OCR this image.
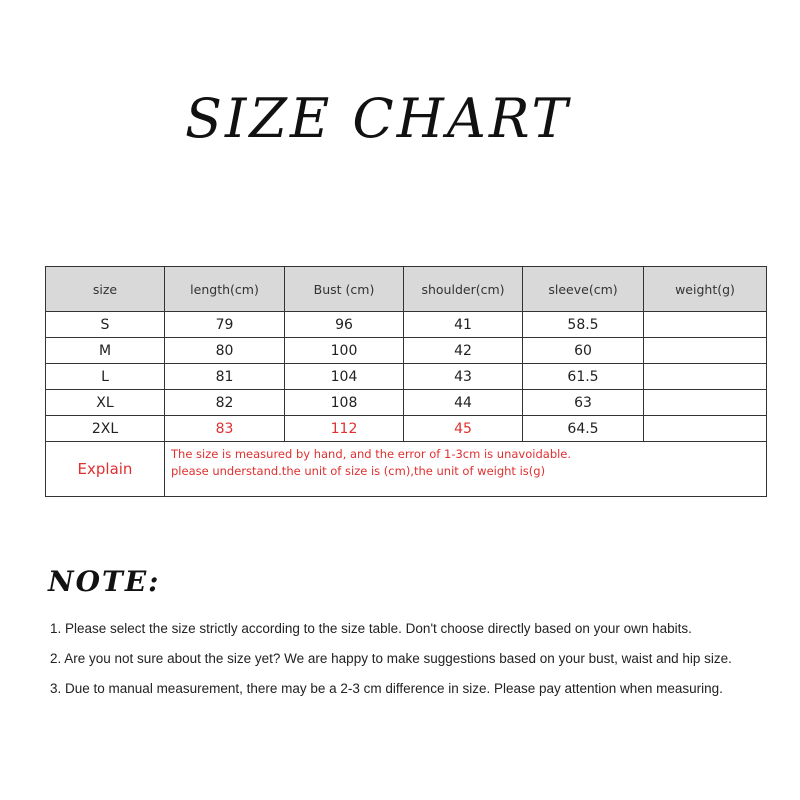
SIZE CHART
size	length(cm)	Bust (cm)	shoulder(cm)	sleeve(cm)	weight(g)
S	79	96	41	58.5	
M	80	100	42	60	
L	81	104	43	61.5	
XL	82	108	44	63	
2XL	83	112	45	64.5	
Explain	The size is measured by hand, and the error of 1-3cm is unavoidable.
please understand.the unit of size is (cm),the unit of weight is(g)				
NOTE:
1. Please select the size strictly according to the size table. Don't choose directly based on your own habits.
2. Are you not sure about the size yet? We are happy to make suggestions based on your bust, waist and hip size.
3. Due to manual measurement, there may be a 2-3 cm difference in size. Please pay attention when measuring.
